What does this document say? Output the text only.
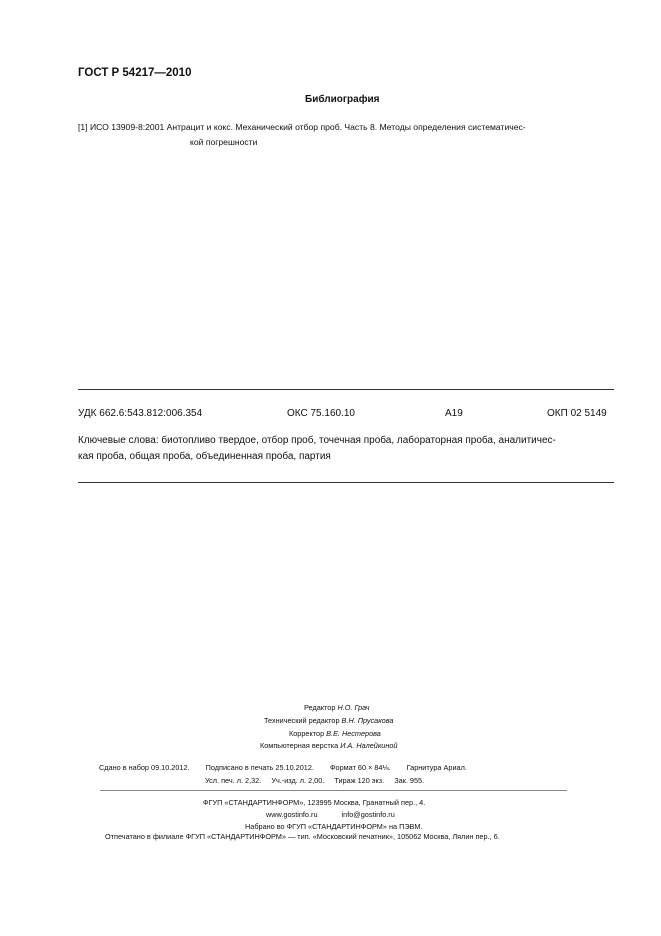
ГОСТ Р 54217—2010
Библиография
[1] ИСО 13909-8:2001 Антрацит и кокс. Механический отбор проб. Часть 8. Методы определения систематичес-
кой погрешности
УДК 662.6:543.812:006.354	ОКС 75.160.10	А19	ОКП 02 5149
Ключевые слова: биотопливо твердое, отбор проб, точечная проба, лабораторная проба, аналитичес-
кая проба, общая проба, объединенная проба, партия
Редактор Н.О. Грач
Технический редактор В.Н. Прусакова
Корректор В.Е. Нестерова
Компьютерная верстка И.А. Налейкиной
Сдано в набор 09.10.2012. Подписано в печать 25.10.2012. Формат 60 × 84⅛. Гарнитура Ариал.
Усл. печ. л. 2,32. Уч.-изд. л. 2,00. Тираж 120 экз. Зак. 955.
ФГУП «СТАНДАРТИНФОРМ», 123995 Москва, Гранатный пер., 4.
www.gostinfo.ru	info@gostinfo.ru
Набрано во ФГУП «СТАНДАРТИНФОРМ» на ПЭВМ.
Отпечатано в филиале ФГУП «СТАНДАРТИНФОРМ» — тип. «Московский печатник», 105062 Москва, Лялин пер., 6.
